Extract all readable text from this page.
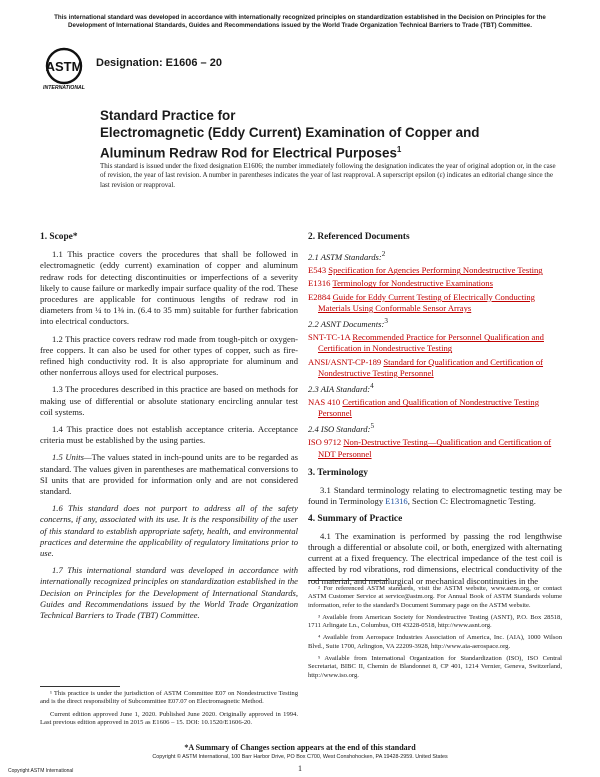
This international standard was developed in accordance with internationally recognized principles on standardization established in the Decision on Principles for the Development of International Standards, Guides and Recommendations issued by the World Trade Organization Technical Barriers to Trade (TBT) Committee.
ASTM
INTERNATIONAL
Designation: E1606 – 20
Standard Practice for
Electromagnetic (Eddy Current) Examination of Copper and
Aluminum Redraw Rod for Electrical Purposes$^1$
This standard is issued under the fixed designation E1606; the number immediately following the designation indicates the year of original adoption or, in the case of revision, the year of last revision. A number in parentheses indicates the year of last reapproval. A superscript epsilon (ε) indicates an editorial change since the last revision or reapproval.
1. Scope*

1.1 This practice covers the procedures that shall be followed in electromagnetic (eddy current) examination of copper and aluminum redraw rods for detecting discontinuities or imperfections of a severity likely to cause failure or markedly impair surface quality of the rod. These procedures are applicable for continuous lengths of redraw rod in diameters from ¼ to 1⅜ in. (6.4 to 35 mm) suitable for further fabrication into electrical conductors.

1.2 This practice covers redraw rod made from tough-pitch or oxygen-free coppers. It can also be used for other types of copper, such as fire-refined high conductivity rod. It is also appropriate for aluminum and other nonferrous alloys used for electrical purposes.

1.3 The procedures described in this practice are based on methods for making use of differential or absolute stationary encircling annular test coil systems.

1.4 This practice does not establish acceptance criteria. Acceptance criteria must be established by the using parties.

1.5 Units—The values stated in inch-pound units are to be regarded as standard. The values given in parentheses are mathematical conversions to SI units that are provided for information only and are not considered standard.

1.6 This standard does not purport to address all of the safety concerns, if any, associated with its use. It is the responsibility of the user of this standard to establish appropriate safety, health, and environmental practices and determine the applicability of regulatory limitations prior to use.

1.7 This international standard was developed in accordance with internationally recognized principles on standardization established in the Decision on Principles for the Development of International Standards, Guides and Recommendations issued by the World Trade Organization Technical Barriers to Trade (TBT) Committee.

¹ This practice is under the jurisdiction of ASTM Committee E07 on Nondestructive Testing and is the direct responsibility of Subcommittee E07.07 on Electromagnetic Method.

Current edition approved June 1, 2020. Published June 2020. Originally approved in 1994. Last previous edition approved in 2015 as E1606 – 15. DOI: 10.1520/E1606-20.

2. Referenced Documents
2.1 ASTM Standards:$^2$
E543 Specification for Agencies Performing Nondestructive Testing
E1316 Terminology for Nondestructive Examinations
E2884 Guide for Eddy Current Testing of Electrically Conducting Materials Using Conformable Sensor Arrays
2.2 ASNT Documents:$^3$
SNT-TC-1A Recommended Practice for Personnel Qualification and Certification in Nondestructive Testing
ANSI/ASNT-CP-189 Standard for Qualification and Certification of Nondestructive Testing Personnel
2.3 AIA Standard:$^4$
NAS 410 Certification and Qualification of Nondestructive Testing Personnel
2.4 ISO Standard:$^5$
ISO 9712 Non-Destructive Testing—Qualification and Certification of NDT Personnel
3. Terminology

3.1 Standard terminology relating to electromagnetic testing may be found in Terminology E1316, Section C: Electromagnetic Testing.

4. Summary of Practice

4.1 The examination is performed by passing the rod lengthwise through a differential or absolute coil, or both, energized with alternating current at a fixed frequency. The electrical impedance of the test coil is affected by rod vibrations, rod dimensions, electrical conductivity of the rod material, and metallurgical or mechanical discontinuities in the

² For referenced ASTM standards, visit the ASTM website, www.astm.org, or contact ASTM Customer Service at service@astm.org. For Annual Book of ASTM Standards volume information, refer to the standard's Document Summary page on the ASTM website.

³ Available from American Society for Nondestructive Testing (ASNT), P.O. Box 28518, 1711 Arlingate Ln., Columbus, OH 43228-0518, http://www.asnt.org.

⁴ Available from Aerospace Industries Association of America, Inc. (AIA), 1000 Wilson Blvd., Suite 1700, Arlington, VA 22209-3928, http://www.aia-aerospace.org.

⁵ Available from International Organization for Standardization (ISO), ISO Central Secretariat, BIBC II, Chemin de Blandonnet 8, CP 401, 1214 Vernier, Geneva, Switzerland, http://www.iso.org.

*A Summary of Changes section appears at the end of this standard
Copyright © ASTM International, 100 Barr Harbor Drive, PO Box C700, West Conshohocken, PA 19428-2959. United States
1
Copyright ASTM International
